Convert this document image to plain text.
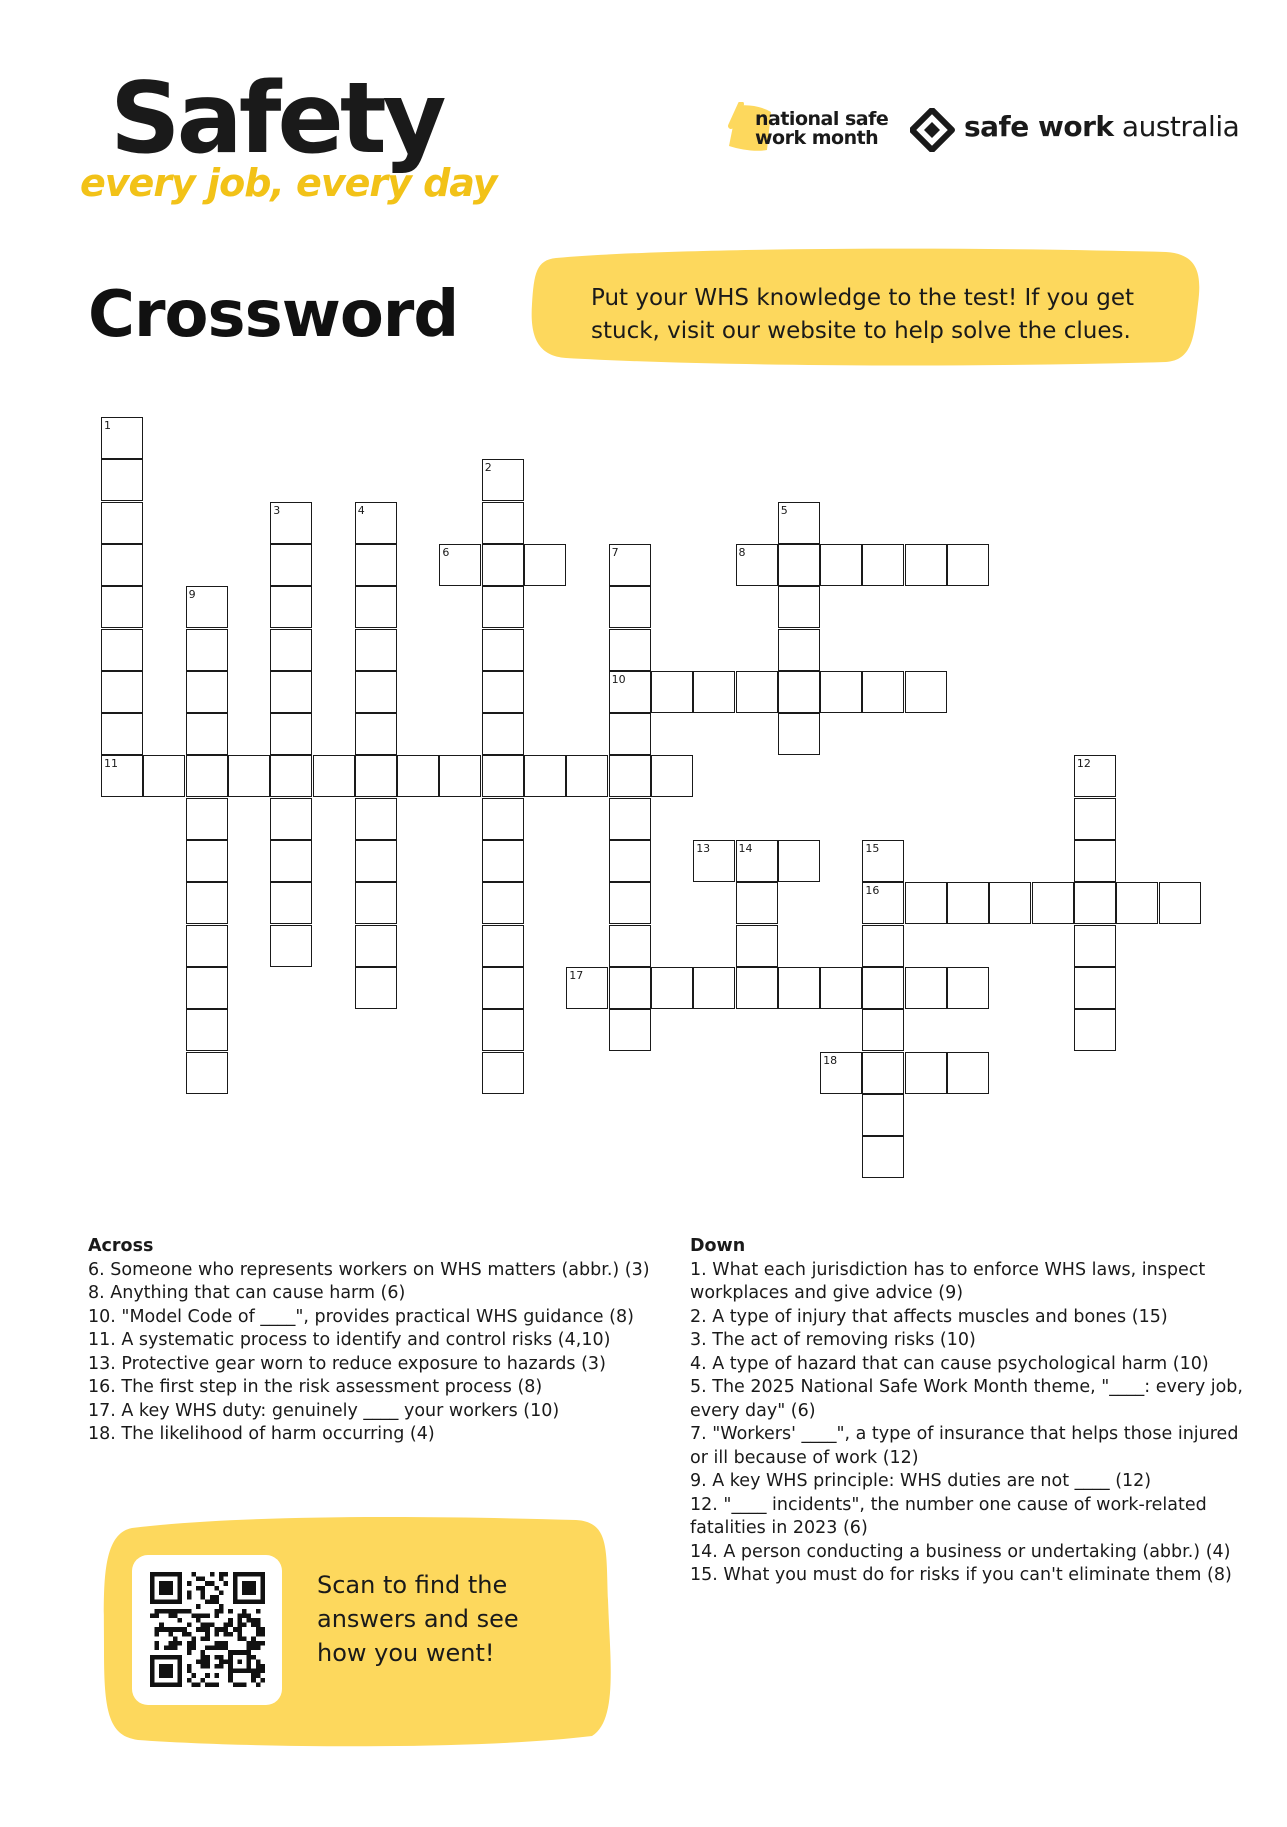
Safety
every job, every day
national safe
work month	safe work australia
Crossword	Put your WHS knowledge to the test! If you get stuck, visit our website to help solve the clues.
1
11
2
3	4	5
6	7
10
8
9
12
13	14	15
16
17
18
Across
6. Someone who represents workers on WHS matters (abbr.) (3)
8. Anything that can cause harm (6)
10. "Model Code of ____", provides practical WHS guidance (8)
11. A systematic process to identify and control risks (4,10)
13. Protective gear worn to reduce exposure to hazards (3)
16. The first step in the risk assessment process (8)
17. A key WHS duty: genuinely ____ your workers (10)
18. The likelihood of harm occurring (4)
Down
1. What each jurisdiction has to enforce WHS laws, inspect workplaces and give advice (9)
2. A type of injury that affects muscles and bones (15)
3. The act of removing risks (10)
4. A type of hazard that can cause psychological harm (10)
5. The 2025 National Safe Work Month theme, "____: every job, every day" (6)
7. "Workers' ____", a type of insurance that helps those injured or ill because of work (12)
9. A key WHS principle: WHS duties are not ____ (12)
12. "____ incidents", the number one cause of work-related fatalities in 2023 (6)
14. A person conducting a business or undertaking (abbr.) (4)
15. What you must do for risks if you can't eliminate them (8)
Scan to find the answers and see how you went!
